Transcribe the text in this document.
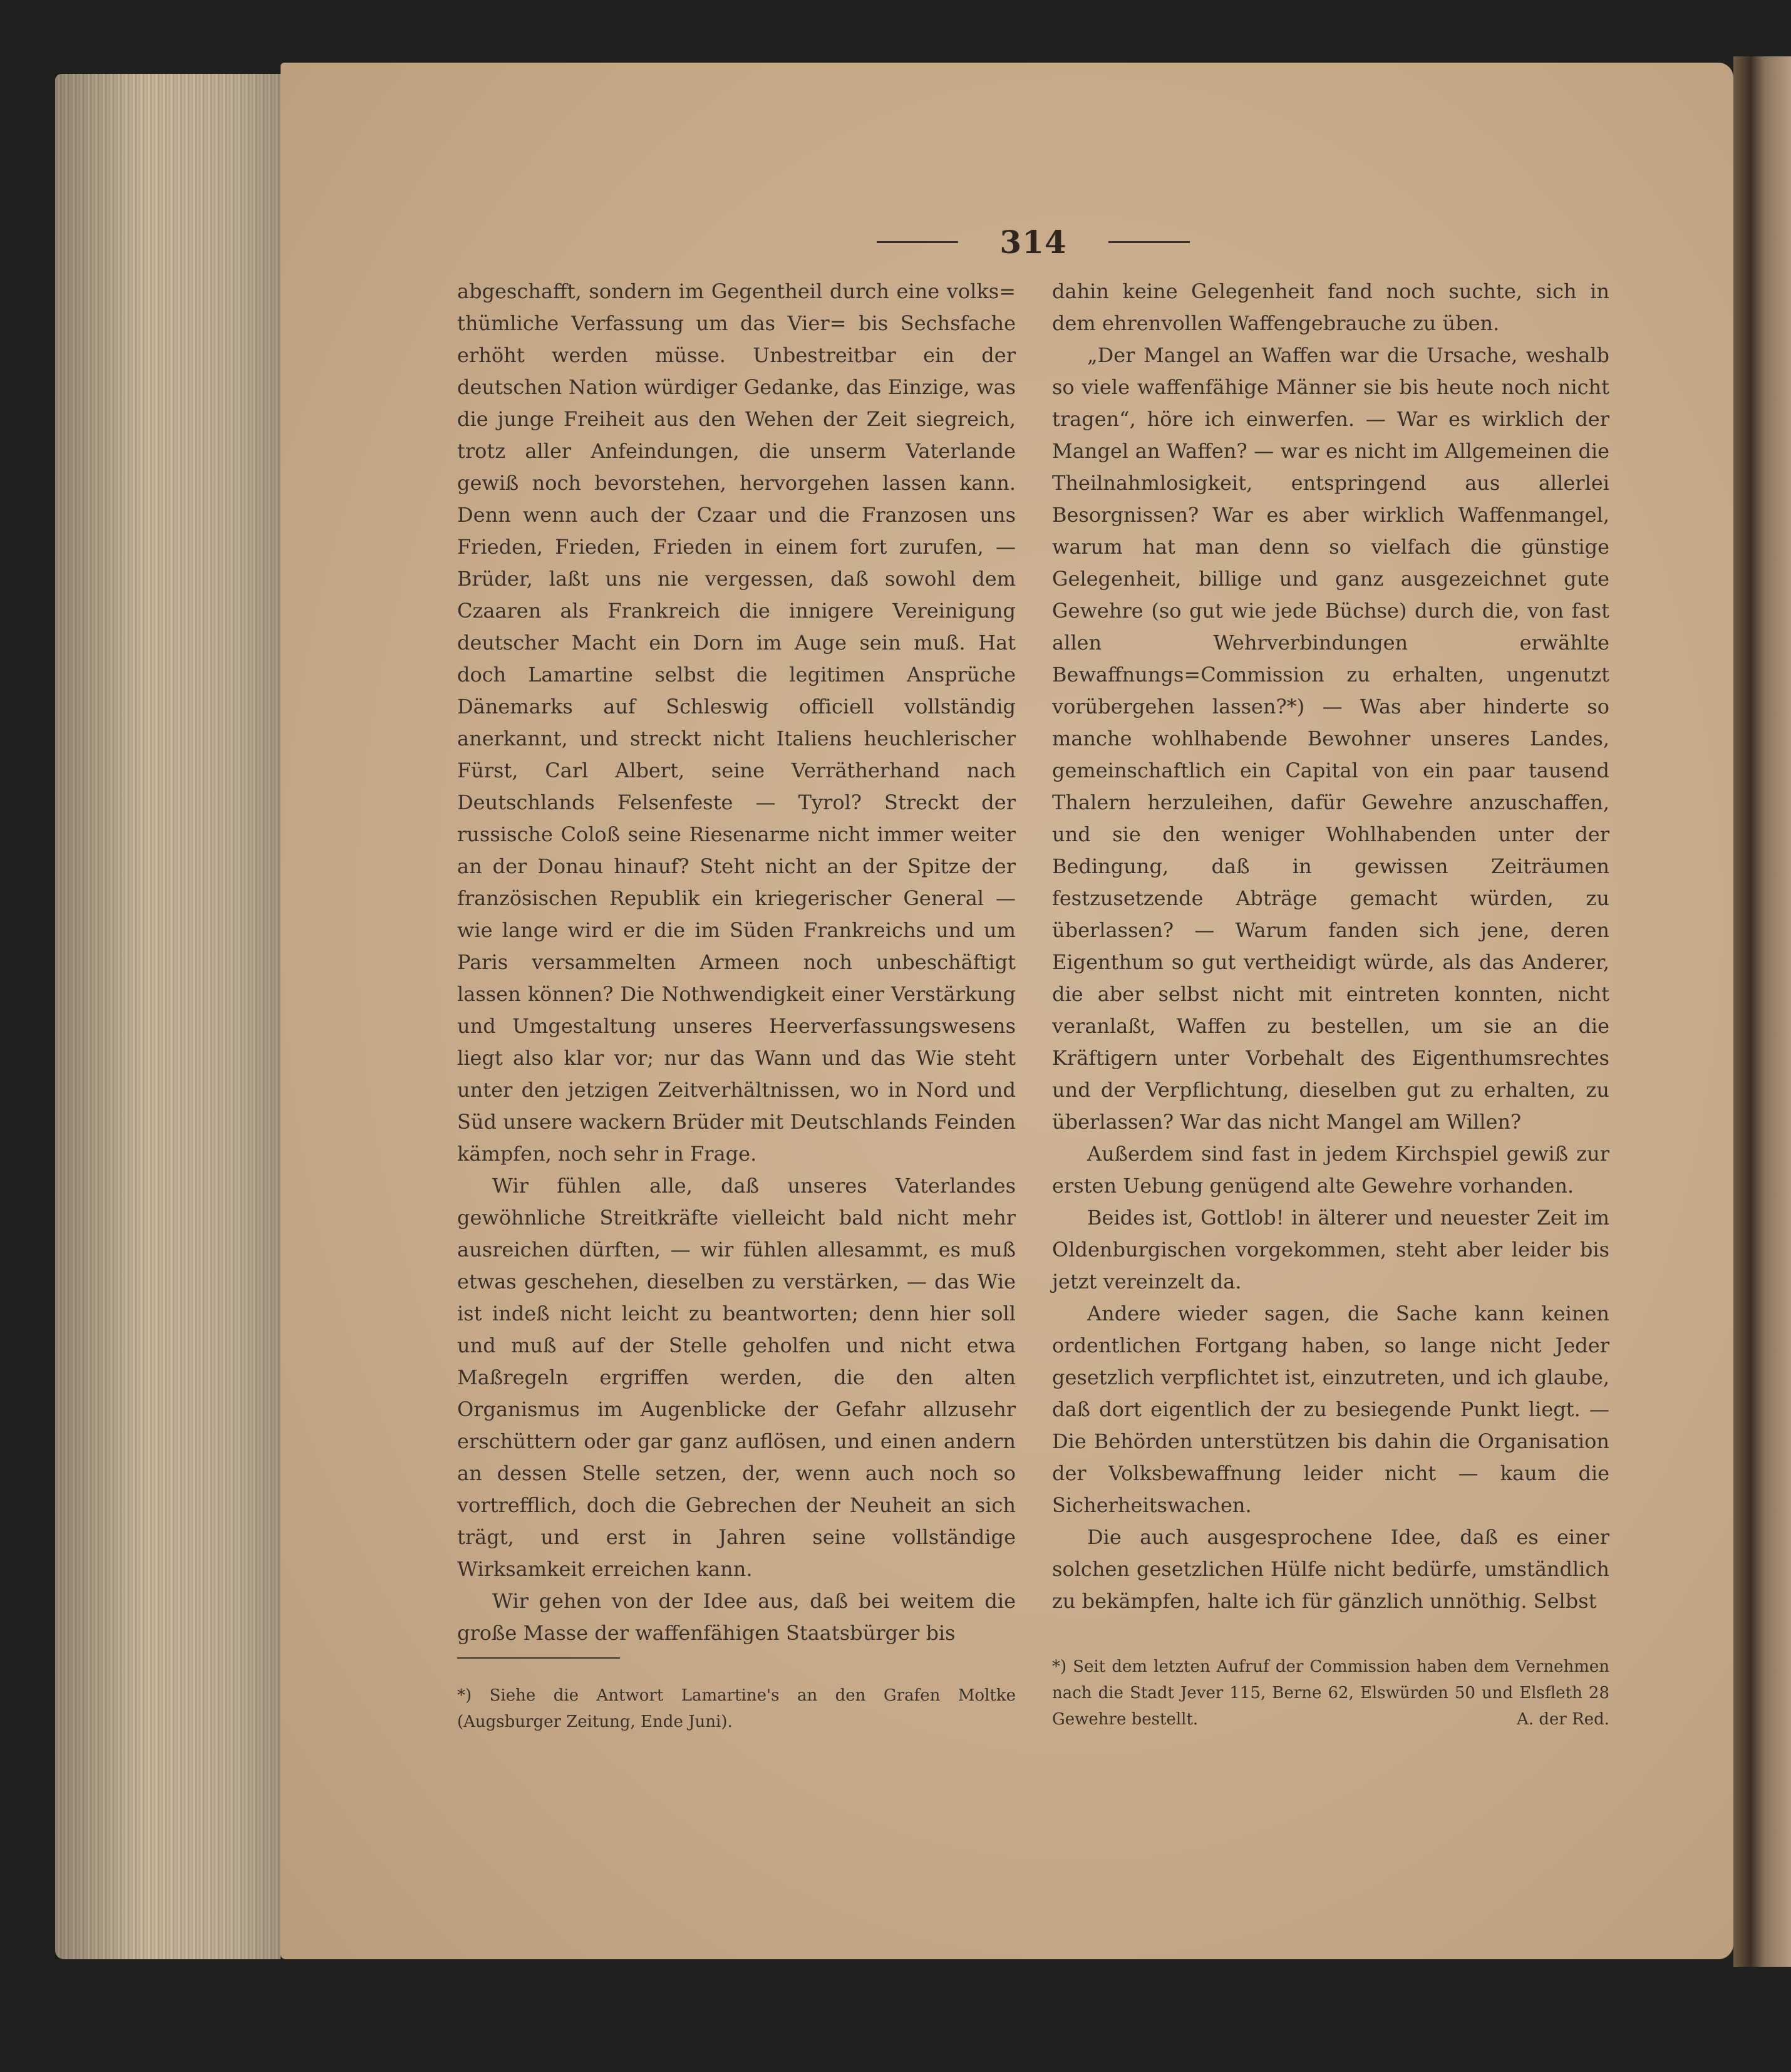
314

abgeschafft, sondern im Gegentheil durch eine volks= thümliche Verfassung um das Vier= bis Sechsfache erhöht werden müsse. Unbestreitbar ein der deutschen Nation würdiger Gedanke, das Einzige, was die junge Freiheit aus den Wehen der Zeit siegreich, trotz aller Anfeindungen, die unserm Vaterlande gewiß noch bevorstehen, hervorgehen lassen kann. Denn wenn auch der Czaar und die Franzosen uns Frieden, Frieden, Frieden in einem fort zurufen, — Brüder, laßt uns nie vergessen, daß sowohl dem Czaaren als Frankreich die innigere Vereinigung deutscher Macht ein Dorn im Auge sein muß. Hat doch Lamartine selbst die legitimen Ansprüche Dänemarks auf Schleswig officiell vollständig anerkannt, und streckt nicht Italiens heuchlerischer Fürst, Carl Albert, seine Verrätherhand nach Deutschlands Felsenfeste — Tyrol? Streckt der russische Coloß seine Riesenarme nicht immer weiter an der Donau hinauf? Steht nicht an der Spitze der französischen Republik ein kriegerischer General — wie lange wird er die im Süden Frankreichs und um Paris versammelten Armeen noch unbeschäftigt lassen können? Die Nothwendigkeit einer Verstärkung und Umgestaltung unseres Heerverfassungswesens liegt also klar vor; nur das Wann und das Wie steht unter den jetzigen Zeitverhältnissen, wo in Nord und Süd unsere wackern Brüder mit Deutschlands Feinden kämpfen, noch sehr in Frage.

Wir fühlen alle, daß unseres Vaterlandes gewöhnliche Streitkräfte vielleicht bald nicht mehr ausreichen dürften, — wir fühlen allesammt, es muß etwas geschehen, dieselben zu verstärken, — das Wie ist indeß nicht leicht zu beantworten; denn hier soll und muß auf der Stelle geholfen und nicht etwa Maßregeln ergriffen werden, die den alten Organismus im Augenblicke der Gefahr allzusehr erschüttern oder gar ganz auflösen, und einen andern an dessen Stelle setzen, der, wenn auch noch so vortrefflich, doch die Gebrechen der Neuheit an sich trägt, und erst in Jahren seine vollständige Wirksamkeit erreichen kann.

Wir gehen von der Idee aus, daß bei weitem die große Masse der waffenfähigen Staatsbürger bis

dahin keine Gelegenheit fand noch suchte, sich in dem ehrenvollen Waffengebrauche zu üben.

„Der Mangel an Waffen war die Ursache, weshalb so viele waffenfähige Männer sie bis heute noch nicht tragen“, höre ich einwerfen. — War es wirklich der Mangel an Waffen? — war es nicht im Allgemeinen die Theilnahmlosigkeit, entspringend aus allerlei Besorgnissen? War es aber wirklich Waffenmangel, warum hat man denn so vielfach die günstige Gelegenheit, billige und ganz ausgezeichnet gute Gewehre (so gut wie jede Büchse) durch die, von fast allen Wehrverbindungen erwählte Bewaffnungs=Commission zu erhalten, ungenutzt vorübergehen lassen?*) — Was aber hinderte so manche wohlhabende Bewohner unseres Landes, gemeinschaftlich ein Capital von ein paar tausend Thalern herzuleihen, dafür Gewehre anzuschaffen, und sie den weniger Wohlhabenden unter der Bedingung, daß in gewissen Zeiträumen festzusetzende Abträge gemacht würden, zu überlassen? — Warum fanden sich jene, deren Eigenthum so gut vertheidigt würde, als das Anderer, die aber selbst nicht mit eintreten konnten, nicht veranlaßt, Waffen zu bestellen, um sie an die Kräftigern unter Vorbehalt des Eigenthumsrechtes und der Verpflichtung, dieselben gut zu erhalten, zu überlassen? War das nicht Mangel am Willen?

Außerdem sind fast in jedem Kirchspiel gewiß zur ersten Uebung genügend alte Gewehre vorhanden.

Beides ist, Gottlob! in älterer und neuester Zeit im Oldenburgischen vorgekommen, steht aber leider bis jetzt vereinzelt da.

Andere wieder sagen, die Sache kann keinen ordentlichen Fortgang haben, so lange nicht Jeder gesetzlich verpflichtet ist, einzutreten, und ich glaube, daß dort eigentlich der zu besiegende Punkt liegt. — Die Behörden unterstützen bis dahin die Organisation der Volksbewaffnung leider nicht — kaum die Sicherheitswachen.

Die auch ausgesprochene Idee, daß es einer solchen gesetzlichen Hülfe nicht bedürfe, umständlich zu bekämpfen, halte ich für gänzlich unnöthig. Selbst

*) Siehe die Antwort Lamartine's an den Grafen Moltke (Augsburger Zeitung, Ende Juni).

*) Seit dem letzten Aufruf der Commission haben dem Vernehmen nach die Stadt Jever 115, Berne 62, Elswürden 50 und Elsfleth 28 Gewehre bestellt.	A. der Red.
